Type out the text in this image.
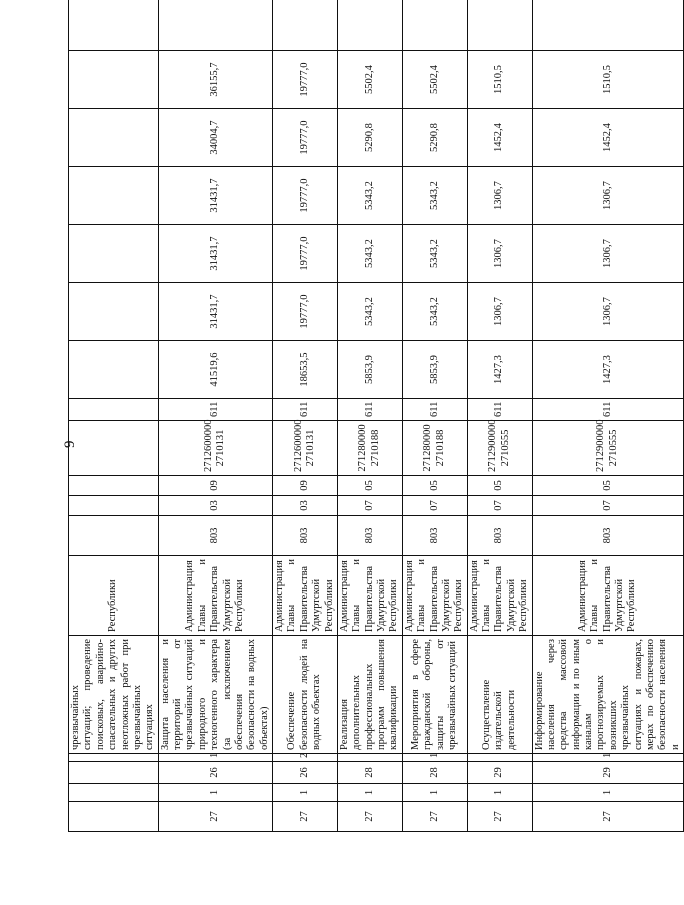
9
				чрезвычайных ситуаций; проведение поисковых, аварийно-спасательных и других неотложных работ при чрезвычайных ситуациях	Республики												
27	1	26	1	Защита населения и территорий от чрезвычайных ситуаций природного и техногенного характера (за исключением обеспечения безопасности на водных объектах)	Администрация Главы и Правительства Удмуртской Республики	803	03	09	2712600000 2710131	611	41519,6	31431,7	31431,7	31431,7	34004,7	36155,7	
27	1	26	2	Обеспечение безопасности людей на водных объектах	Администрация Главы и Правительства Удмуртской Республики	803	03	09	2712600000 2710131	611	18653,5	19777,0	19777,0	19777,0	19777,0	19777,0	
27	1	28		Реализация дополнительных профессиональных программ повышения квалификации	Администрация Главы и Правительства Удмуртской Республики	803	07	05	271280000 2710188	611	5853,9	5343,2	5343,2	5343,2	5290,8	5502,4	
27	1	28	1	Мероприятия в сфере гражданской обороны, защиты от чрезвычайных ситуаций	Администрация Главы и Правительства Удмуртской Республики	803	07	05	271280000 2710188	611	5853,9	5343,2	5343,2	5343,2	5290,8	5502,4	
27	1	29		Осуществление издательской деятельности	Администрация Главы и Правительства Удмуртской Республики	803	07	05	2712900000 2710555	611	1427,3	1306,7	1306,7	1306,7	1452,4	1510,5	
27	1	29	1	Информирование населения через средства массовой информации и по иным каналам о прогнозируемых и возникших чрезвычайных ситуациях и пожарах, мерах по обеспечению безопасности населения и	Администрация Главы и Правительства Удмуртской Республики	803	07	05	2712900000 2710555	611	1427,3	1306,7	1306,7	1306,7	1452,4	1510,5	
